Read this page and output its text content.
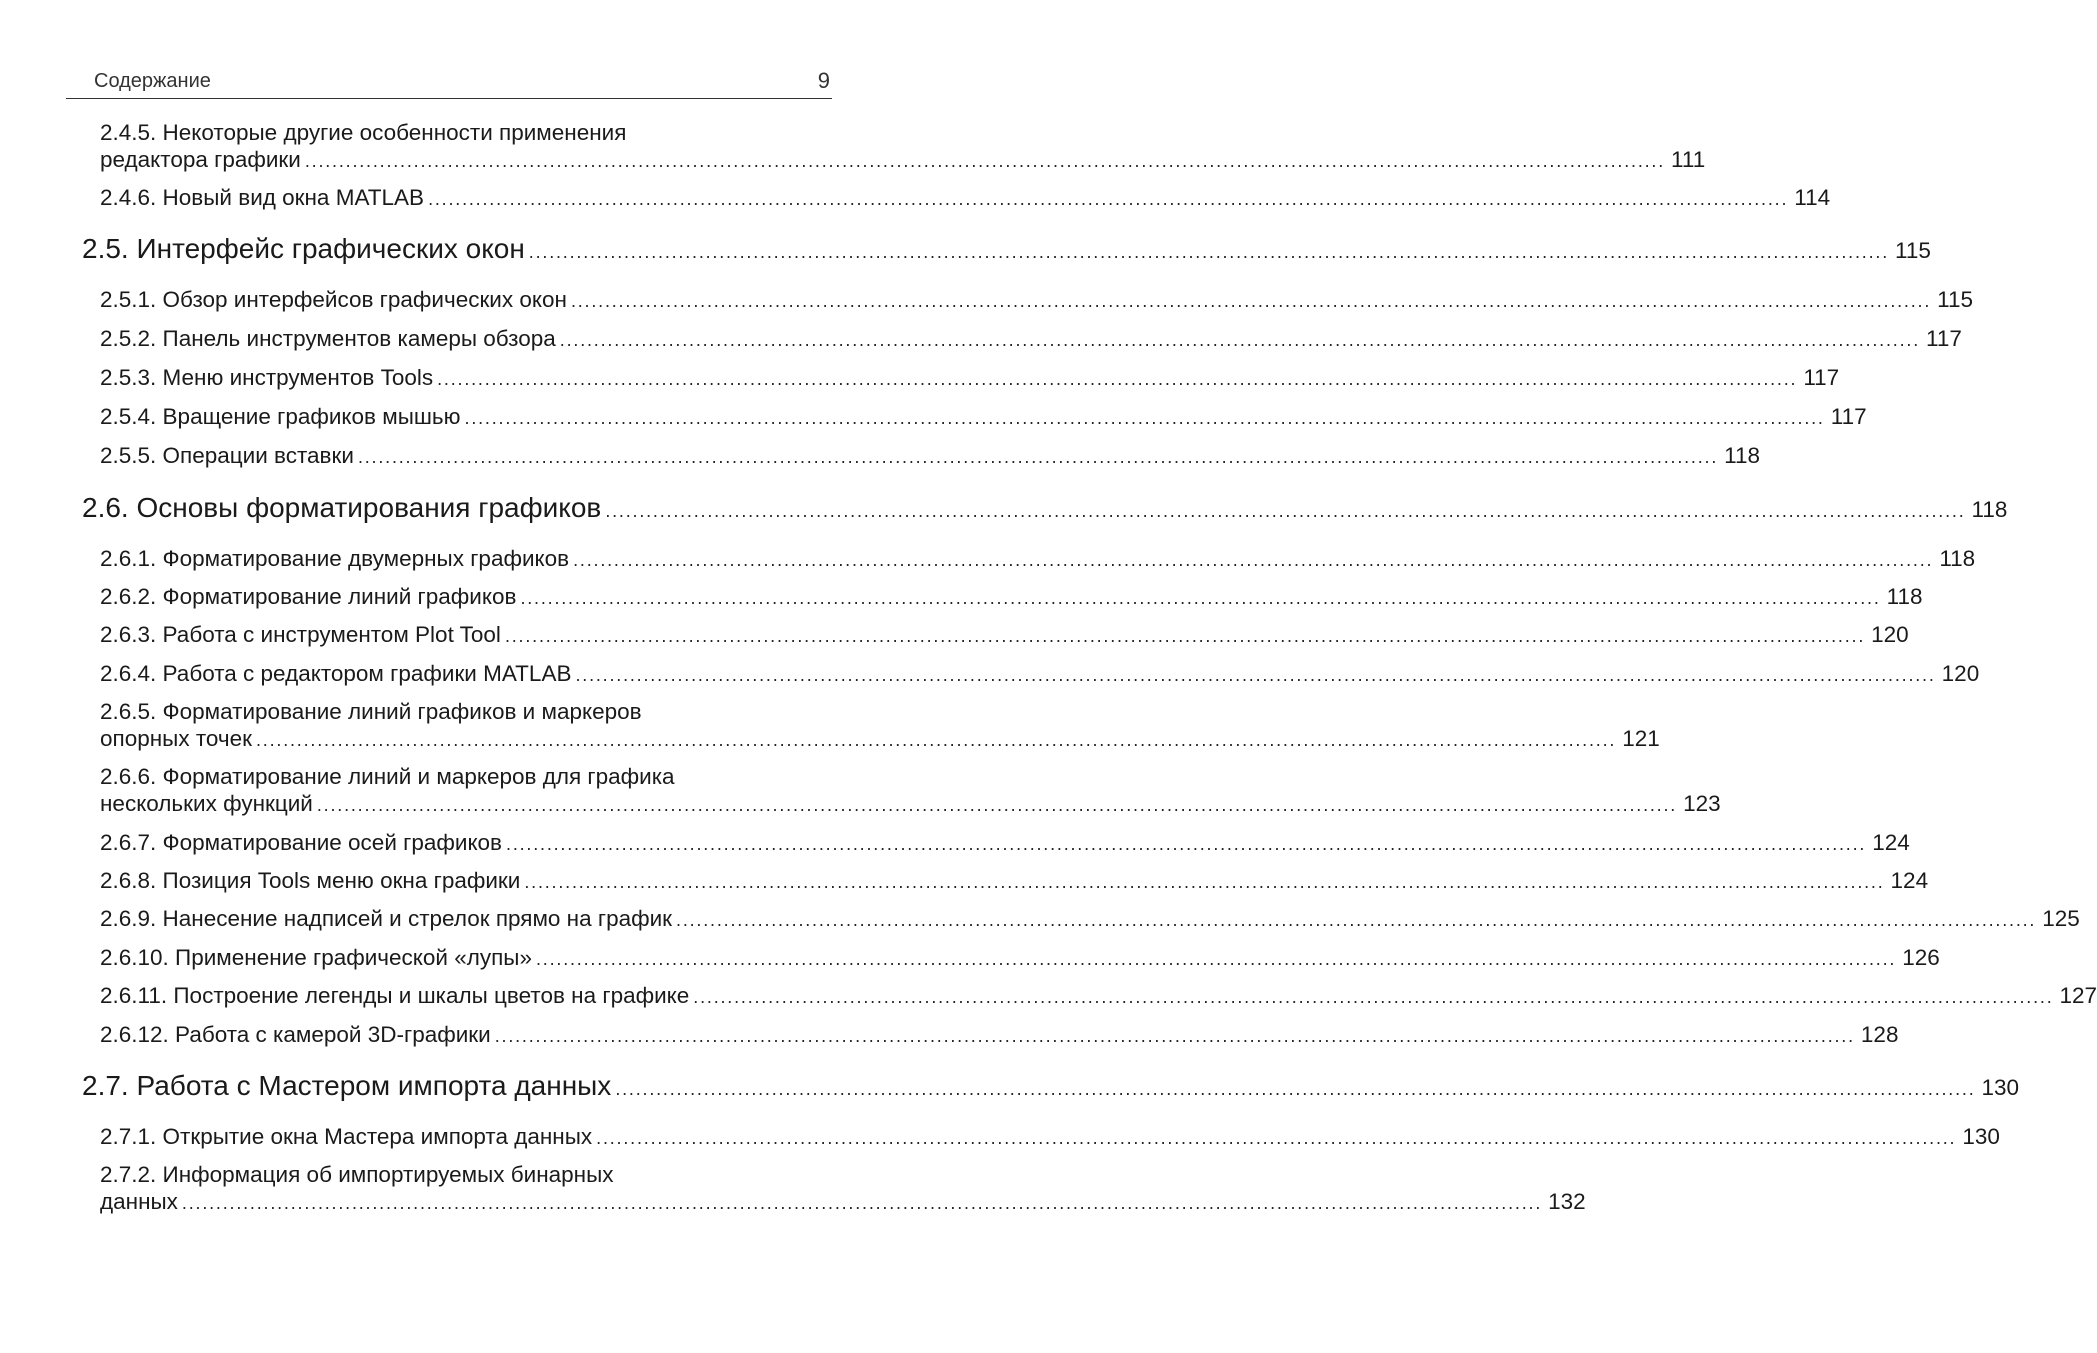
Содержание	9
2.4.5. Некоторые другие особенности применения
редактора графики ........................................................................................................................................................................................................ 111
2.4.6. Новый вид окна MATLAB ........................................................................................................................................................................................................ 114
2.5. Интерфейс графических окон ........................................................................................................................................................................................................ 115
2.5.1. Обзор интерфейсов графических окон ........................................................................................................................................................................................................ 115
2.5.2. Панель инструментов камеры обзора ........................................................................................................................................................................................................ 117
2.5.3. Меню инструментов Tools ........................................................................................................................................................................................................ 117
2.5.4. Вращение графиков мышью ........................................................................................................................................................................................................ 117
2.5.5. Операции вставки ........................................................................................................................................................................................................ 118
2.6. Основы форматирования графиков ........................................................................................................................................................................................................ 118
2.6.1. Форматирование двумерных графиков ........................................................................................................................................................................................................ 118
2.6.2. Форматирование линий графиков ........................................................................................................................................................................................................ 118
2.6.3. Работа с инструментом Plot Tool ........................................................................................................................................................................................................ 120
2.6.4. Работа с редактором графики MATLAB ........................................................................................................................................................................................................ 120
2.6.5. Форматирование линий графиков и маркеров
опорных точек ........................................................................................................................................................................................................ 121
2.6.6. Форматирование линий и маркеров для графика
нескольких функций ........................................................................................................................................................................................................ 123
2.6.7. Форматирование осей графиков ........................................................................................................................................................................................................ 124
2.6.8. Позиция Tools меню окна графики ........................................................................................................................................................................................................ 124
2.6.9. Нанесение надписей и стрелок прямо на график ........................................................................................................................................................................................................ 125
2.6.10. Применение графической «лупы» ........................................................................................................................................................................................................ 126
2.6.11. Построение легенды и шкалы цветов на графике ........................................................................................................................................................................................................ 127
2.6.12. Работа с камерой 3D-графики ........................................................................................................................................................................................................ 128
2.7. Работа с Мастером импорта данных ........................................................................................................................................................................................................ 130
2.7.1. Открытие окна Мастера импорта данных ........................................................................................................................................................................................................ 130
2.7.2. Информация об импортируемых бинарных
данных ........................................................................................................................................................................................................ 132
